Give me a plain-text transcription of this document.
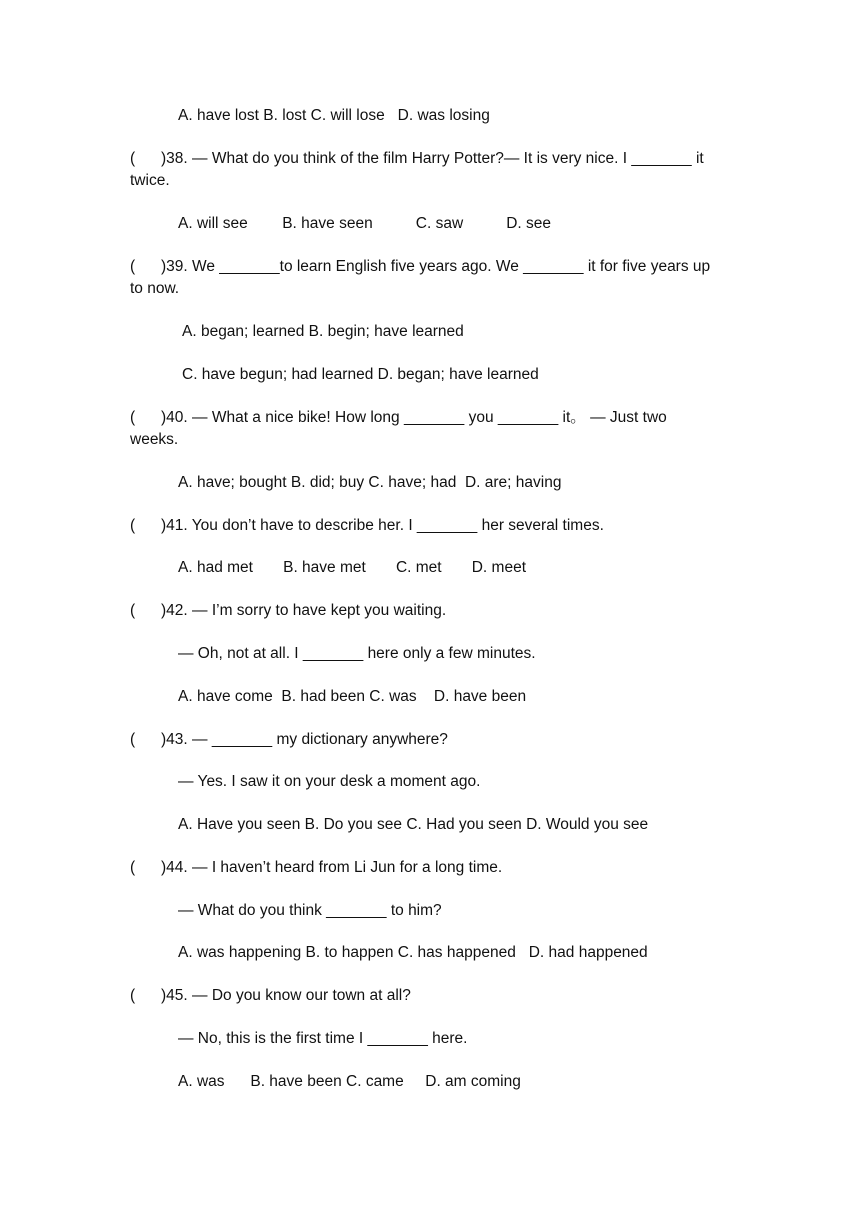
A. have lost B. lost C. will lose   D. was losing
(      )38. — What do you think of the film Harry Potter?— It is very nice. I _______ it twice.
A. will see        B. have seen          C. saw          D. see
(      )39. We _______to learn English five years ago. We _______ it for five years up to now.
A. began; learned B. begin; have learned
C. have begun; had learned D. began; have learned
(      )40. — What a nice bike! How long _______ you _______ it。 — Just two weeks.
A. have; bought B. did; buy C. have; had  D. are; having
(      )41. You don’t have to describe her. I _______ her several times.
A. had met       B. have met       C. met       D. meet
(      )42. — I’m sorry to have kept you waiting.
— Oh, not at all. I _______ here only a few minutes.
A. have come  B. had been C. was    D. have been
(      )43. — _______ my dictionary anywhere?
— Yes. I saw it on your desk a moment ago.
A. Have you seen B. Do you see C. Had you seen D. Would you see
(      )44. — I haven’t heard from Li Jun for a long time.
— What do you think _______ to him?
A. was happening B. to happen C. has happened   D. had happened
(      )45. — Do you know our town at all?
— No, this is the first time I _______ here.
A. was      B. have been C. came     D. am coming
